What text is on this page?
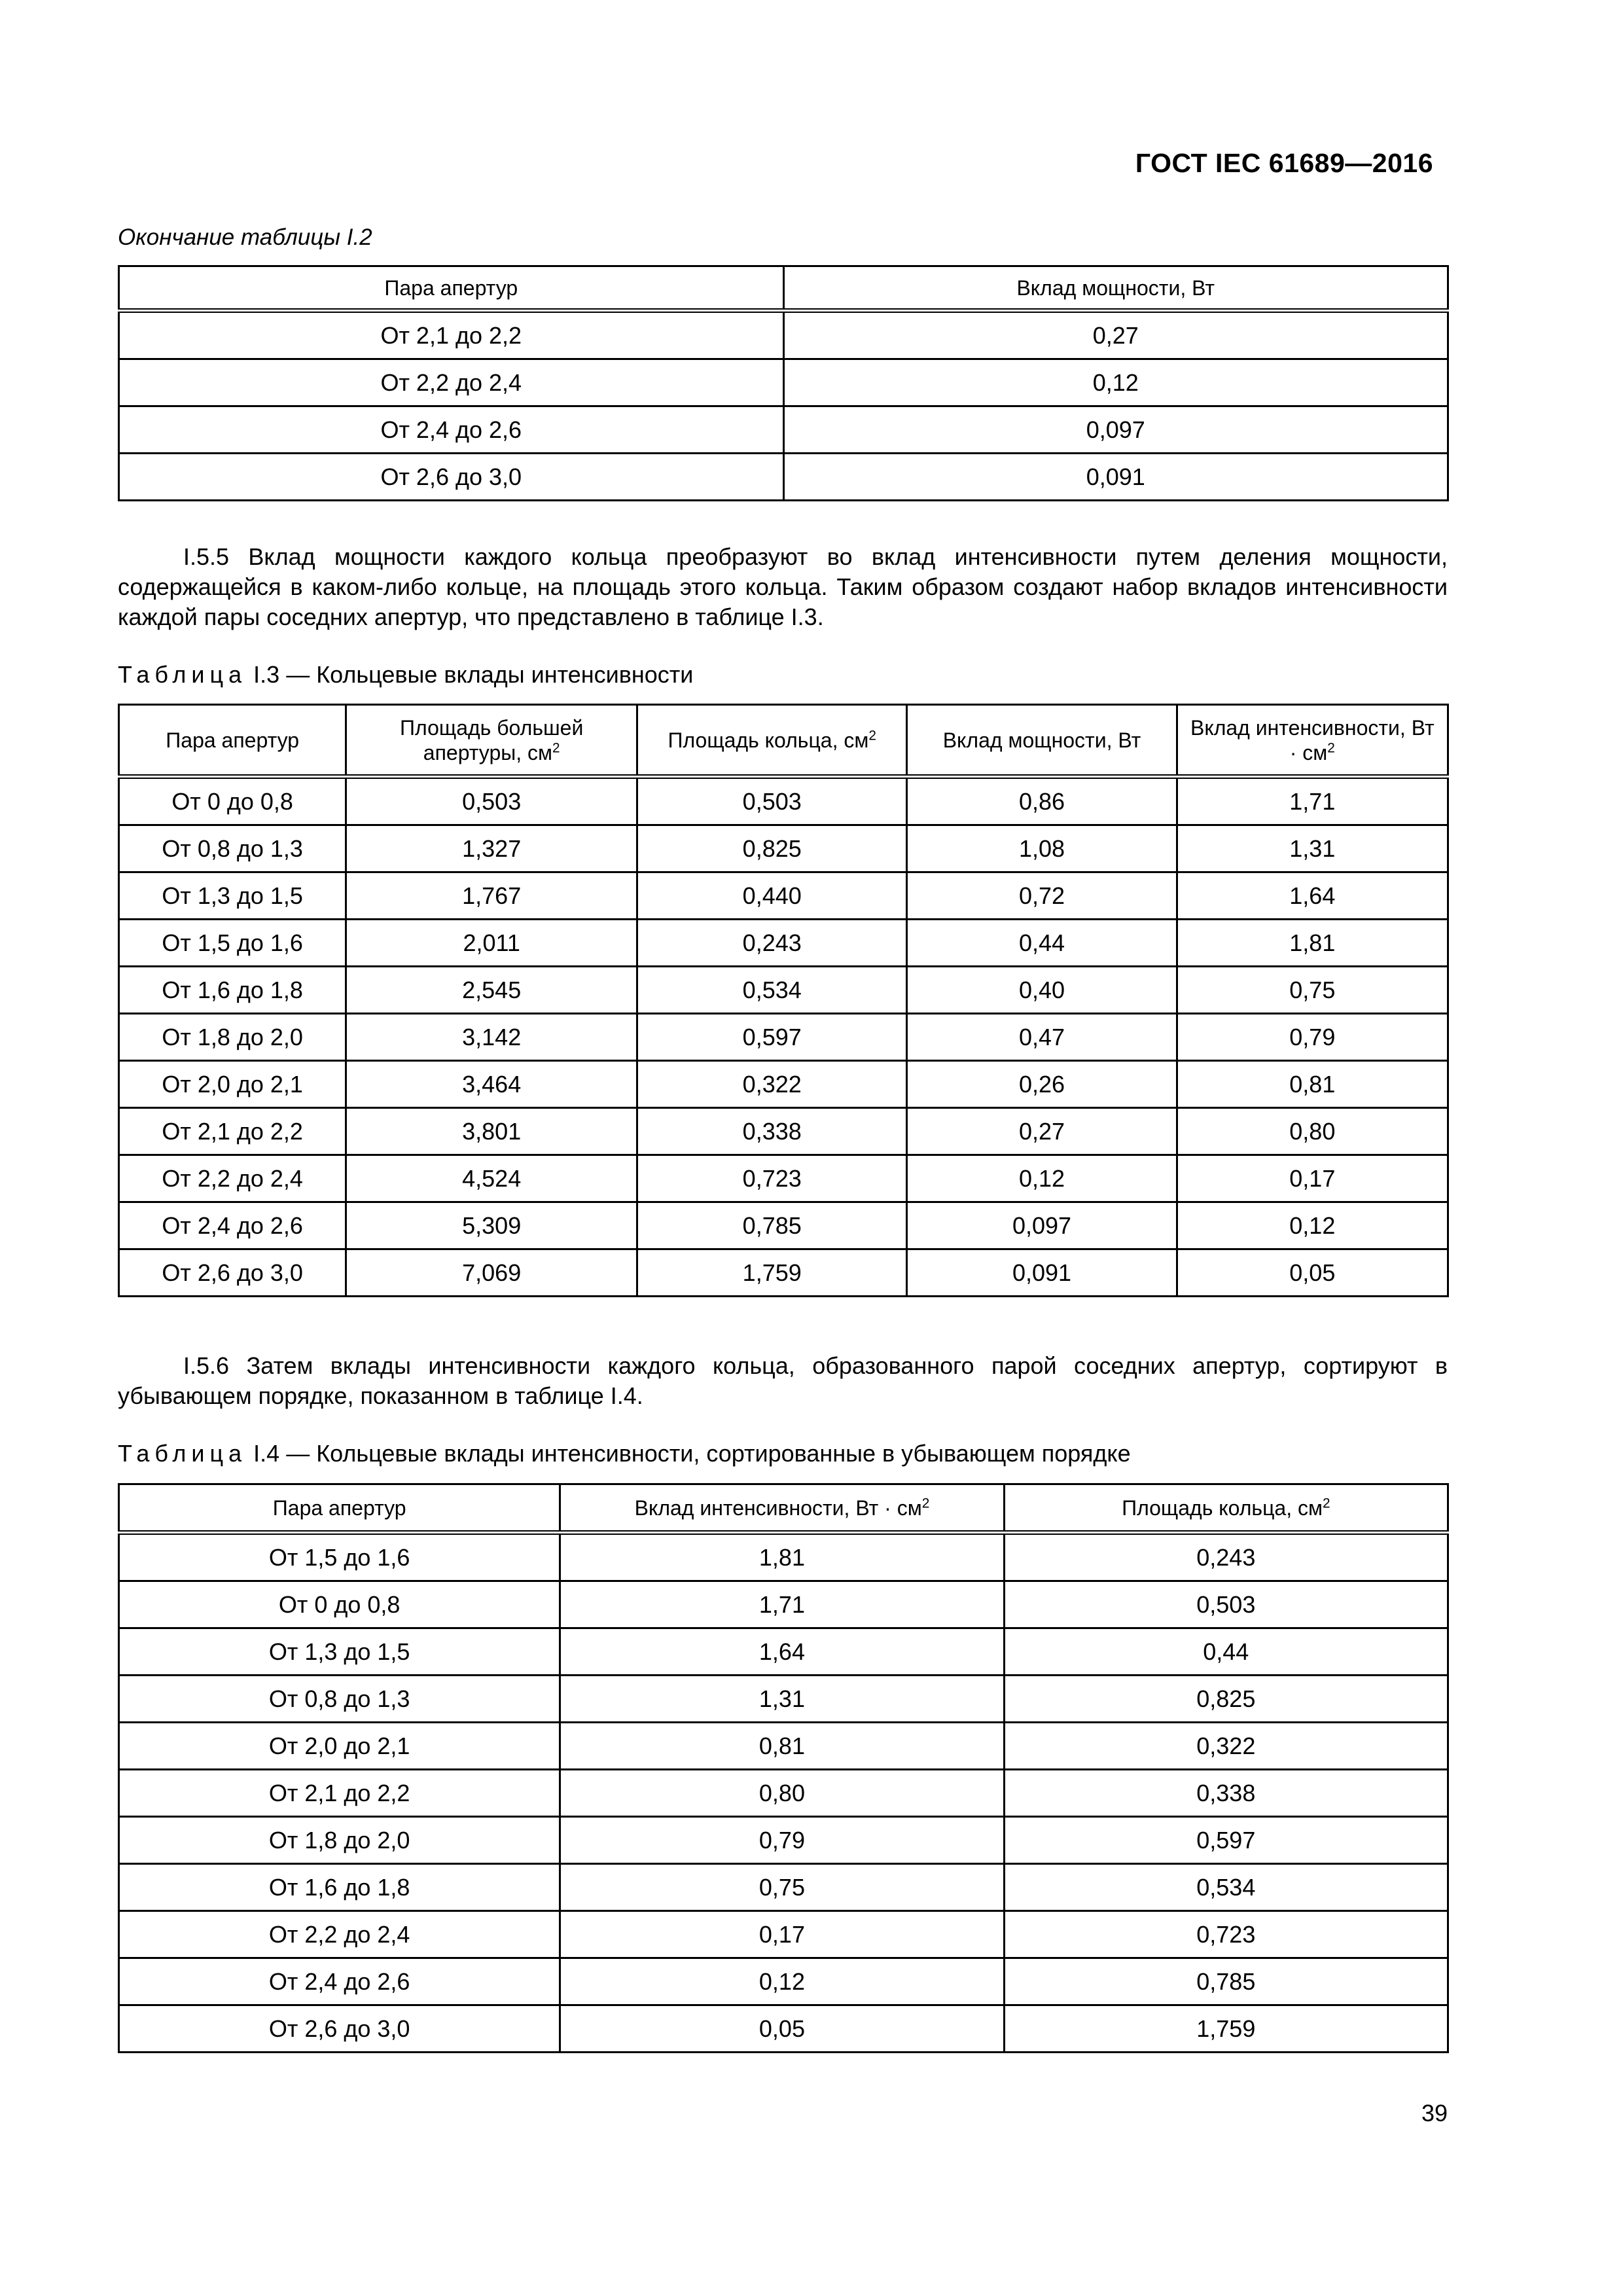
ГОСТ IEC 61689—2016
Окончание таблицы I.2
Пара апертур	Вклад мощности, Вт
От 2,1 до 2,2	0,27
От 2,2 до 2,4	0,12
От 2,4 до 2,6	0,097
От 2,6 до 3,0	0,091
I.5.5 Вклад мощности каждого кольца преобразуют во вклад интенсивности путем деления мощности, содержащейся в каком-либо кольце, на площадь этого кольца. Таким образом создают набор вкладов интенсивности каждой пары соседних апертур, что представлено в таблице I.3.
Таблица I.3 — Кольцевые вклады интенсивности
Пара апертур	Площадь большей апертуры, $см^2$	Площадь кольца, $см^2$	Вклад мощности, Вт	Вклад интенсивности, Вт · $см^2$
От 0 до 0,8	0,503	0,503	0,86	1,71
От 0,8 до 1,3	1,327	0,825	1,08	1,31
От 1,3 до 1,5	1,767	0,440	0,72	1,64
От 1,5 до 1,6	2,011	0,243	0,44	1,81
От 1,6 до 1,8	2,545	0,534	0,40	0,75
От 1,8 до 2,0	3,142	0,597	0,47	0,79
От 2,0 до 2,1	3,464	0,322	0,26	0,81
От 2,1 до 2,2	3,801	0,338	0,27	0,80
От 2,2 до 2,4	4,524	0,723	0,12	0,17
От 2,4 до 2,6	5,309	0,785	0,097	0,12
От 2,6 до 3,0	7,069	1,759	0,091	0,05
I.5.6 Затем вклады интенсивности каждого кольца, образованного парой соседних апертур, сортируют в убывающем порядке, показанном в таблице I.4.
Таблица I.4 — Кольцевые вклады интенсивности, сортированные в убывающем порядке
Пара апертур	Вклад интенсивности, Вт · $см^2$	Площадь кольца, $см^2$
От 1,5 до 1,6	1,81	0,243
От 0 до 0,8	1,71	0,503
От 1,3 до 1,5	1,64	0,44
От 0,8 до 1,3	1,31	0,825
От 2,0 до 2,1	0,81	0,322
От 2,1 до 2,2	0,80	0,338
От 1,8 до 2,0	0,79	0,597
От 1,6 до 1,8	0,75	0,534
От 2,2 до 2,4	0,17	0,723
От 2,4 до 2,6	0,12	0,785
От 2,6 до 3,0	0,05	1,759
39
